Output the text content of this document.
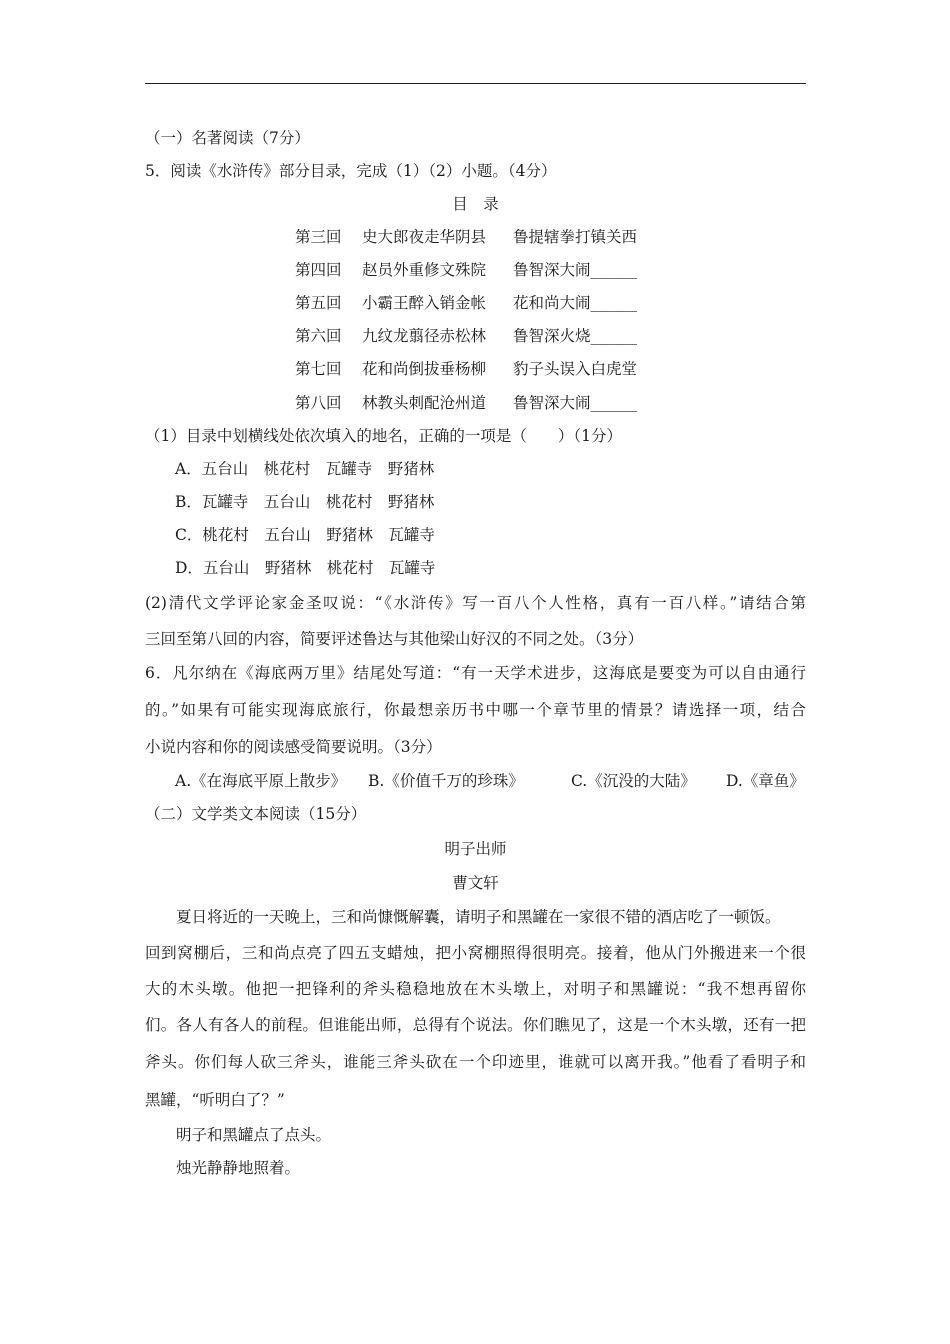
（一）名著阅读（7分）
5．阅读《水浒传》部分目录，完成（1）（2）小题。（4分）
目　录
第三回 史大郎夜走华阴县 鲁提辖拳打镇关西
第四回 赵员外重修文殊院 鲁智深大闹______
第五回 小霸王醉入销金帐 花和尚大闹______
第六回 九纹龙翦径赤松林 鲁智深火烧______
第七回 花和尚倒拔垂杨柳 豹子头误入白虎堂
第八回 林教头刺配沧州道 鲁智深大闹______
（1）目录中划横线处依次填入的地名，正确的一项是（　　）（1分）
A．五台山　桃花村　瓦罐寺　野猪林
B．瓦罐寺　五台山　桃花村　野猪林
C．桃花村　五台山　野猪林　瓦罐寺
D．五台山　野猪林　桃花村　瓦罐寺
(2)清代文学评论家金圣叹说：“《水浒传》写一百八个人性格，真有一百八样。”请结合第
三回至第八回的内容，简要评述鲁达与其他梁山好汉的不同之处。（3分）
6．凡尔纳在《海底两万里》结尾处写道：“有一天学术进步，这海底是要变为可以自由通行
的。”如果有可能实现海底旅行，你最想亲历书中哪一个章节里的情景？请选择一项，结合
小说内容和你的阅读感受简要说明。（3分）
A.《在海底平原上散步》 B.《价值千万的珍珠》	C.《沉没的大陆》 D.《章鱼》
（二）文学类文本阅读（15分）
明子出师
曹文轩
夏日将近的一天晚上，三和尚慷慨解囊，请明子和黑罐在一家很不错的酒店吃了一顿饭。
回到窝棚后，三和尚点亮了四五支蜡烛，把小窝棚照得很明亮。接着，他从门外搬进来一个很
大的木头墩。他把一把锋利的斧头稳稳地放在木头墩上，对明子和黑罐说：“我不想再留你
们。各人有各人的前程。但谁能出师，总得有个说法。你们瞧见了，这是一个木头墩，还有一把
斧头。你们每人砍三斧头，谁能三斧头砍在一个印迹里，谁就可以离开我。”他看了看明子和
黑罐，“听明白了？”
明子和黑罐点了点头。
烛光静静地照着。
